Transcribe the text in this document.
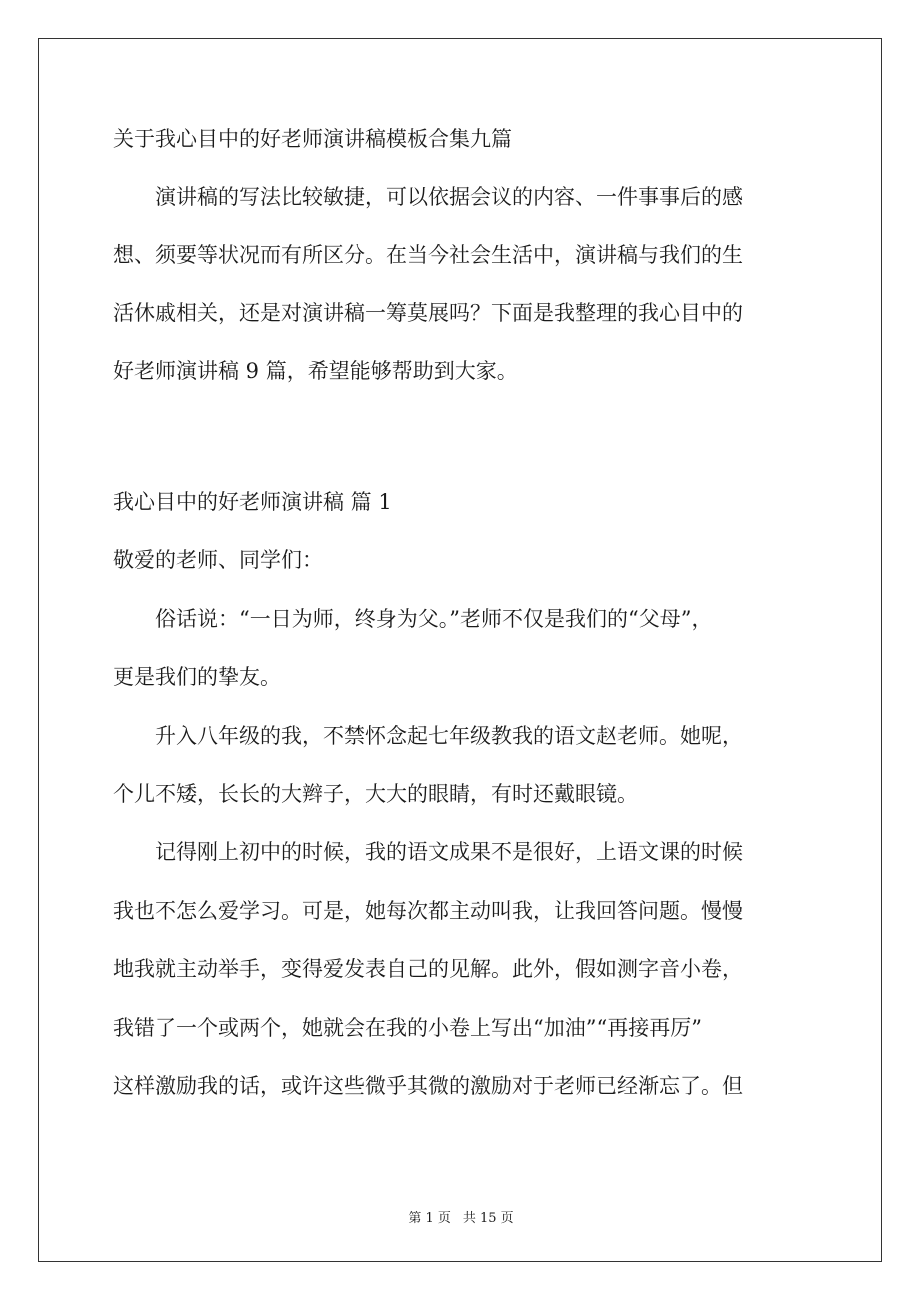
关于我心目中的好老师演讲稿模板合集九篇
演讲稿的写法比较敏捷，可以依据会议的内容、一件事事后的感
想、须要等状况而有所区分。在当今社会生活中，演讲稿与我们的生
活休戚相关，还是对演讲稿一筹莫展吗？下面是我整理的我心目中的
好老师演讲稿 9 篇，希望能够帮助到大家。
我心目中的好老师演讲稿 篇 1
敬爱的老师、同学们：
俗话说：“一日为师，终身为父。”老师不仅是我们的“父母”，
更是我们的挚友。
升入八年级的我，不禁怀念起七年级教我的语文赵老师。她呢，
个儿不矮，长长的大辫子，大大的眼睛，有时还戴眼镜。
记得刚上初中的时候，我的语文成果不是很好，上语文课的时候
我也不怎么爱学习。可是，她每次都主动叫我，让我回答问题。慢慢
地我就主动举手，变得爱发表自己的见解。此外，假如测字音小卷，
我错了一个或两个，她就会在我的小卷上写出“加油”“再接再厉”
这样激励我的话，或许这些微乎其微的激励对于老师已经渐忘了。但
第 1 页 共 15 页
